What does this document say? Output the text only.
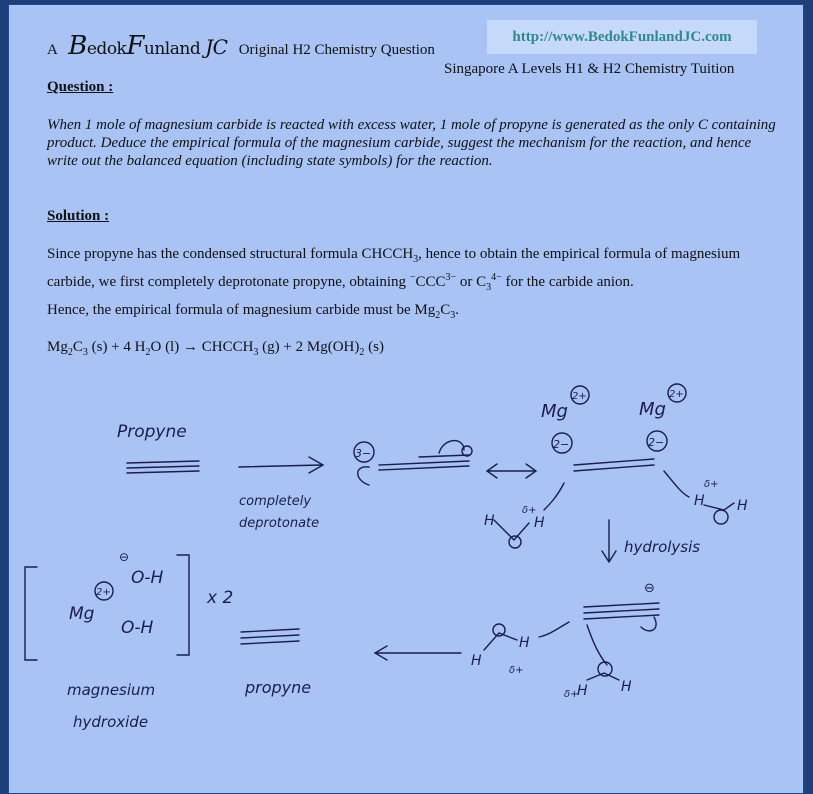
A BedokFunland JC Original H2 Chemistry Question
http://www.BedokFunlandJC.com
Singapore A Levels H1 & H2 Chemistry Tuition
Question :
When 1 mole of magnesium carbide is reacted with excess water, 1 mole of propyne is generated as the only C containing product. Deduce the empirical formula of the magnesium carbide, suggest the mechanism for the reaction, and hence write out the balanced equation (including state symbols) for the reaction.
Solution :
Since propyne has the condensed structural formula $CHCCH_3$, hence to obtain the empirical formula of magnesium carbide, we first completely deprotonate propyne, obtaining $^-CCC^{3-}$ or $C_3^{4-}$ for the carbide anion.
Hence, the empirical formula of magnesium carbide must be $Mg_2C_3$.
$Mg_2C_3$ (s) + 4 $H_2O$ $(l) \to CHCCH_3$ (g) + 2 $Mg(OH)_2$ (s)
Propyne
completely
deprotonate
3−
Mg
2+
Mg
2+
2−	2−
H	H
δ+
H H
δ+
hydrolysis
⊖
H
H
δ+
H H
δ+
propyne
Mg
2+
⊖
O-H
O-H
x 2
magnesium
hydroxide
